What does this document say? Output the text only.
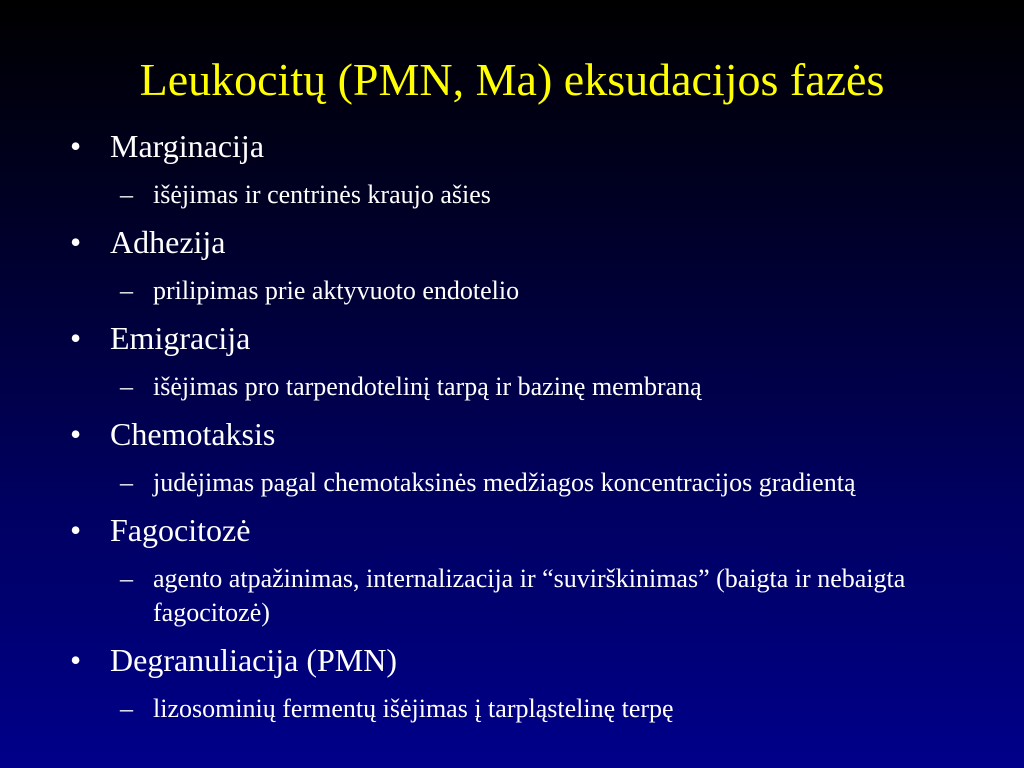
Leukocitų (PMN, Ma) eksudacijos fazės
• Marginacija
– išėjimas ir centrinės kraujo ašies
• Adhezija
– prilipimas prie aktyvuoto endotelio
• Emigracija
– išėjimas pro tarpendotelinį tarpą ir bazinę membraną
• Chemotaksis
– judėjimas pagal chemotaksinės medžiagos koncentracijos gradientą
• Fagocitozė
– agento atpažinimas, internalizacija ir “suvirškinimas” (baigta ir nebaigta fagocitozė)
• Degranuliacija (PMN)
– lizosominių fermentų išėjimas į tarpląstelinę terpę
